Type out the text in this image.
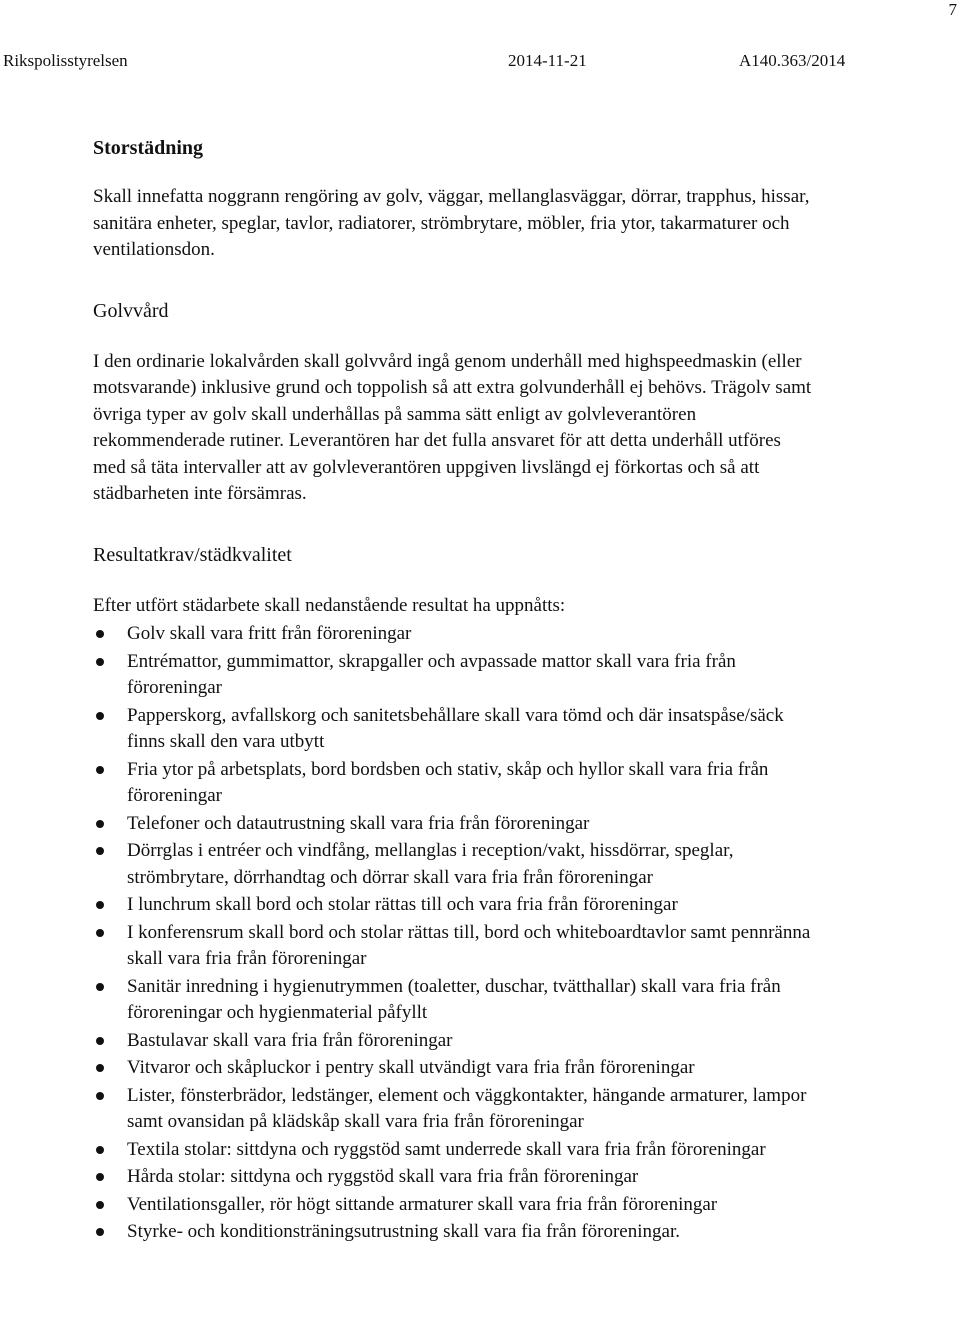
7
Rikspolisstyrelsen	2014-11-21	A140.363/2014
Storstädning

Skall innefatta noggrann rengöring av golv, väggar, mellanglasväggar, dörrar, trapphus, hissar, sanitära enheter, speglar, tavlor, radiatorer, strömbrytare, möbler, fria ytor, takarmaturer och ventilationsdon.

Golvvård

I den ordinarie lokalvården skall golvvård ingå genom underhåll med highspeedmaskin (eller motsvarande) inklusive grund och toppolish så att extra golvunderhåll ej behövs. Trägolv samt övriga typer av golv skall underhållas på samma sätt enligt av golvleverantören rekommenderade rutiner. Leverantören har det fulla ansvaret för att detta underhåll utföres med så täta intervaller att av golvleverantören uppgiven livslängd ej förkortas och så att städbarheten inte försämras.

Resultatkrav/städkvalitet

Efter utfört städarbete skall nedanstående resultat ha uppnåtts:

Golv skall vara fritt från föroreningar
Entrémattor, gummimattor, skrapgaller och avpassade mattor skall vara fria från föroreningar
Papperskorg, avfallskorg och sanitetsbehållare skall vara tömd och där insatspåse/säck finns skall den vara utbytt
Fria ytor på arbetsplats, bord bordsben och stativ, skåp och hyllor skall vara fria från föroreningar
Telefoner och datautrustning skall vara fria från föroreningar
Dörrglas i entréer och vindfång, mellanglas i reception/vakt, hissdörrar, speglar, strömbrytare, dörrhandtag och dörrar skall vara fria från föroreningar
I lunchrum skall bord och stolar rättas till och vara fria från föroreningar
I konferensrum skall bord och stolar rättas till, bord och whiteboardtavlor samt pennränna skall vara fria från föroreningar
Sanitär inredning i hygienutrymmen (toaletter, duschar, tvätthallar) skall vara fria från föroreningar och hygienmaterial påfyllt
Bastulavar skall vara fria från föroreningar
Vitvaror och skåpluckor i pentry skall utvändigt vara fria från föroreningar
Lister, fönsterbrädor, ledstänger, element och väggkontakter, hängande armaturer, lampor samt ovansidan på klädskåp skall vara fria från föroreningar
Textila stolar: sittdyna och ryggstöd samt underrede skall vara fria från föroreningar
Hårda stolar: sittdyna och ryggstöd skall vara fria från föroreningar
Ventilationsgaller, rör högt sittande armaturer skall vara fria från föroreningar
Styrke- och konditionsträningsutrustning skall vara fia från föroreningar.
